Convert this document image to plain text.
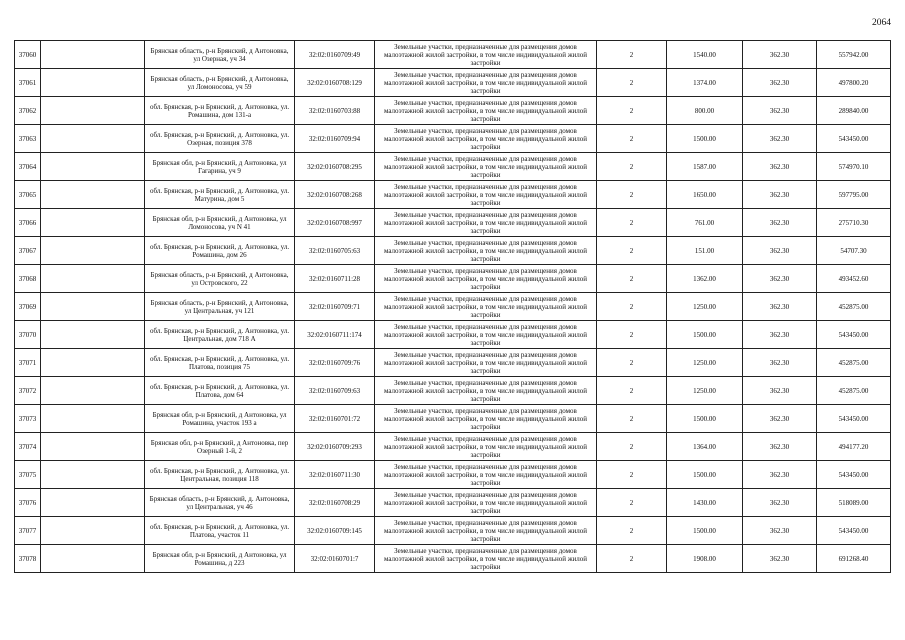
2064
37060		Брянская область, р-н Брянский, д Антоновка, ул Озерная, уч 34	32:02:0160709:49	Земельные участки, предназначенные для размещения домов малоэтажной жилой застройки, в том числе индивидуальной жилой застройки	2	1540.00	362.30	557942.00
37061		Брянская область, р-н Брянский, д Антоновка, ул Ломоносова, уч 59	32:02:0160708:129	Земельные участки, предназначенные для размещения домов малоэтажной жилой застройки, в том числе индивидуальной жилой застройки	2	1374.00	362.30	497800.20
37062		обл. Брянская, р-н Брянский, д. Антоновка, ул. Ромашина, дом 131-а	32:02:0160703:88	Земельные участки, предназначенные для размещения домов малоэтажной жилой застройки, в том числе индивидуальной жилой застройки	2	800.00	362.30	289840.00
37063		обл. Брянская, р-н Брянский, д. Антоновка, ул. Озерная, позиция 378	32:02:0160709:94	Земельные участки, предназначенные для размещения домов малоэтажной жилой застройки, в том числе индивидуальной жилой застройки	2	1500.00	362.30	543450.00
37064		Брянская обл, р-н Брянский, д Антоновка, ул Гагарина, уч 9	32:02:0160708:295	Земельные участки, предназначенные для размещения домов малоэтажной жилой застройки, в том числе индивидуальной жилой застройки	2	1587.00	362.30	574970.10
37065		обл. Брянская, р-н Брянский, д. Антоновка, ул. Матурина, дом 5	32:02:0160708:268	Земельные участки, предназначенные для размещения домов малоэтажной жилой застройки, в том числе индивидуальной жилой застройки	2	1650.00	362.30	597795.00
37066		Брянская обл, р-н Брянский, д Антоновка, ул Ломоносова, уч N 41	32:02:0160708:997	Земельные участки, предназначенные для размещения домов малоэтажной жилой застройки, в том числе индивидуальной жилой застройки	2	761.00	362.30	275710.30
37067		обл. Брянская, р-н Брянский, д. Антоновка, ул. Ромашина, дом 26	32:02:0160705:63	Земельные участки, предназначенные для размещения домов малоэтажной жилой застройки, в том числе индивидуальной жилой застройки	2	151.00	362.30	54707.30
37068		Брянская область, р-н Брянский, д Антоновка, ул Островского, 22	32:02:0160711:28	Земельные участки, предназначенные для размещения домов малоэтажной жилой застройки, в том числе индивидуальной жилой застройки	2	1362.00	362.30	493452.60
37069		Брянская область, р-н Брянский, д Антоновка, ул Центральная, уч 121	32:02:0160709:71	Земельные участки, предназначенные для размещения домов малоэтажной жилой застройки, в том числе индивидуальной жилой застройки	2	1250.00	362.30	452875.00
37070		обл. Брянская, р-н Брянский, д. Антоновка, ул. Центральная, дом 718 А	32:02:0160711:174	Земельные участки, предназначенные для размещения домов малоэтажной жилой застройки, в том числе индивидуальной жилой застройки	2	1500.00	362.30	543450.00
37071		обл. Брянская, р-н Брянский, д. Антоновка, ул. Платова, позиция 75	32:02:0160709:76	Земельные участки, предназначенные для размещения домов малоэтажной жилой застройки, в том числе индивидуальной жилой застройки	2	1250.00	362.30	452875.00
37072		обл. Брянская, р-н Брянский, д. Антоновка, ул. Платова, дом 64	32:02:0160709:63	Земельные участки, предназначенные для размещения домов малоэтажной жилой застройки, в том числе индивидуальной жилой застройки	2	1250.00	362.30	452875.00
37073		Брянская обл, р-н Брянский, д Антоновка, ул Ромашина, участок 193 а	32:02:0160701:72	Земельные участки, предназначенные для размещения домов малоэтажной жилой застройки, в том числе индивидуальной жилой застройки	2	1500.00	362.30	543450.00
37074		Брянская обл, р-н Брянский, д Антоновка, пер Озерный 1-й, 2	32:02:0160709:293	Земельные участки, предназначенные для размещения домов малоэтажной жилой застройки, в том числе индивидуальной жилой застройки	2	1364.00	362.30	494177.20
37075		обл. Брянская, р-н Брянский, д. Антоновка, ул. Центральная, позиция 118	32:02:0160711:30	Земельные участки, предназначенные для размещения домов малоэтажной жилой застройки, в том числе индивидуальной жилой застройки	2	1500.00	362.30	543450.00
37076		Брянская область, р-н Брянский, д. Антоновка, ул Центральная, уч 46	32:02:0160708:29	Земельные участки, предназначенные для размещения домов малоэтажной жилой застройки, в том числе индивидуальной жилой застройки	2	1430.00	362.30	518089.00
37077		обл. Брянская, р-н Брянский, д. Антоновка, ул. Платова, участок 11	32:02:0160709:145	Земельные участки, предназначенные для размещения домов малоэтажной жилой застройки, в том числе индивидуальной жилой застройки	2	1500.00	362.30	543450.00
37078		Брянская обл, р-н Брянский, д Антоновка, ул Ромашина, д 223	32:02:0160701:7	Земельные участки, предназначенные для размещения домов малоэтажной жилой застройки, в том числе индивидуальной жилой застройки	2	1908.00	362.30	691268.40
